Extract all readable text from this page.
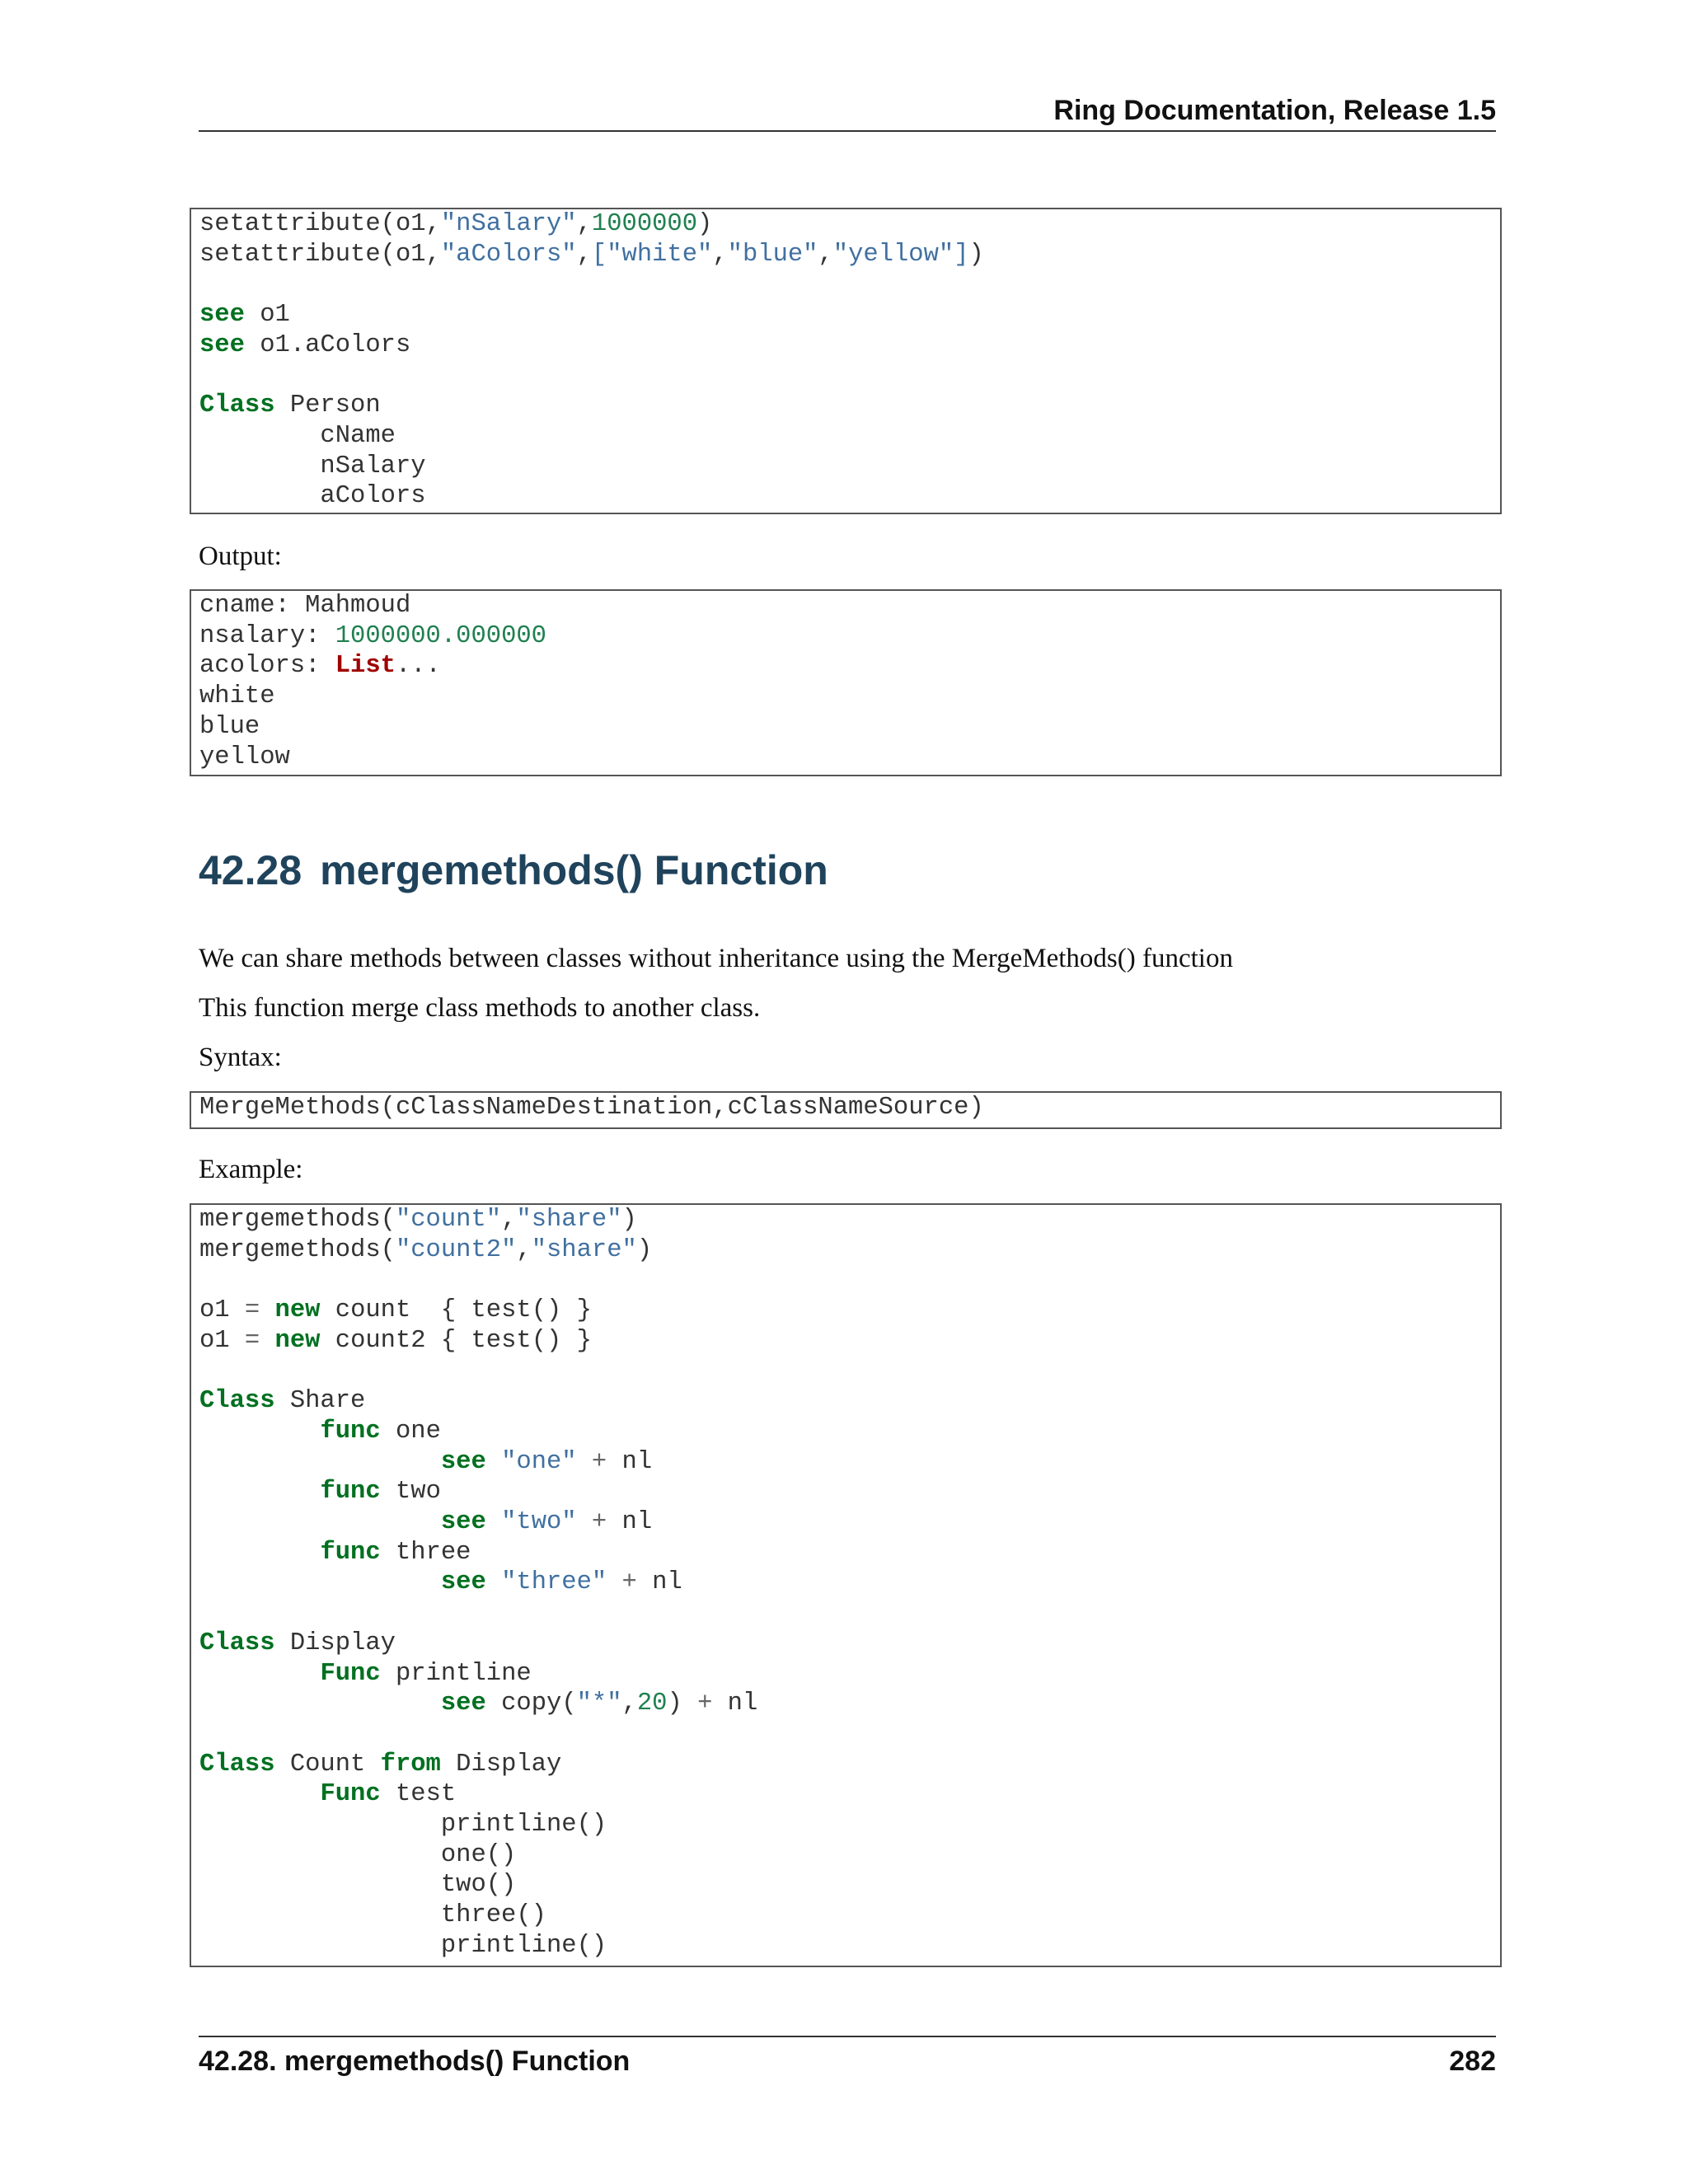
Ring Documentation, Release 1.5
setattribute(o1,"nSalary",1000000)
setattribute(o1,"aColors",["white","blue","yellow"])

see o1
see o1.aColors

Class Person
cName
nSalary
aColors
Output:
cname: Mahmoud
nsalary: 1000000.000000
acolors: List...
white
blue
yellow
42.28 mergemethods() Function
We can share methods between classes without inheritance using the MergeMethods() function
This function merge class methods to another class.
Syntax:
MergeMethods(cClassNameDestination,cClassNameSource)
Example:
mergemethods("count","share")
mergemethods("count2","share")

o1 = new count  { test() }
o1 = new count2 { test() }

Class Share
func one
see "one" + nl
func two
see "two" + nl
func three
see "three" + nl

Class Display
Func printline
see copy("*",20) + nl

Class Count from Display
Func test
printline()
one()
two()
three()
printline()
42.28. mergemethods() Function	282
